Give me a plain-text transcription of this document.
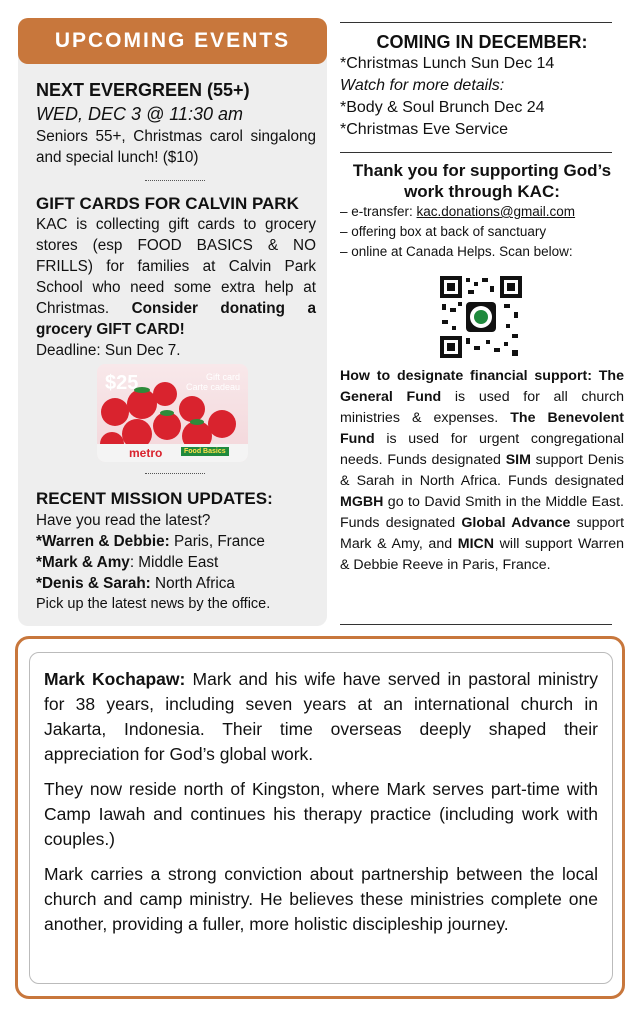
UPCOMING EVENTS
NEXT EVERGREEN (55+)
WED, DEC 3 @ 11:30 am
Seniors 55+, Christmas carol singalong and special lunch! ($10)
GIFT CARDS FOR CALVIN PARK
KAC is collecting gift cards to grocery stores (esp FOOD BASICS & NO FRILLS) for families at Calvin Park School who need some extra help at Christmas. Consider donating a grocery GIFT CARD!
Deadline: Sun Dec 7.
$25	Gift card
Carte cadeau
metro	Food Basics
RECENT MISSION UPDATES:
Have you read the latest?
*Warren & Debbie: Paris, France
*Mark & Amy: Middle East
*Denis & Sarah: North Africa
Pick up the latest news by the office.
COMING IN DECEMBER:
*Christmas Lunch Sun Dec 14
Watch for more details:
*Body & Soul Brunch Dec 24
*Christmas Eve Service
Thank you for supporting God’s work through KAC:
– e-transfer: kac.donations@gmail.com
– offering box at back of sanctuary
– online at Canada Helps. Scan below:
How to designate financial support: The General Fund is used for all church ministries & expenses. The Benevolent Fund is used for urgent congregational needs. Funds designated SIM support Denis & Sarah in North Africa. Funds designated MGBH go to David Smith in the Middle East. Funds designated Global Advance support Mark & Amy, and MICN will support Warren & Debbie Reeve in Paris, France.

Mark Kochapaw: Mark and his wife have served in pastoral ministry for 38 years, including seven years at an international church in Jakarta, Indonesia. Their time overseas deeply shaped their appreciation for God’s global work.

They now reside north of Kingston, where Mark serves part-time with Camp Iawah and continues his therapy practice (including work with couples.)

Mark carries a strong conviction about partnership between the local church and camp ministry. He believes these ministries complete one another, providing a fuller, more holistic discipleship journey.
